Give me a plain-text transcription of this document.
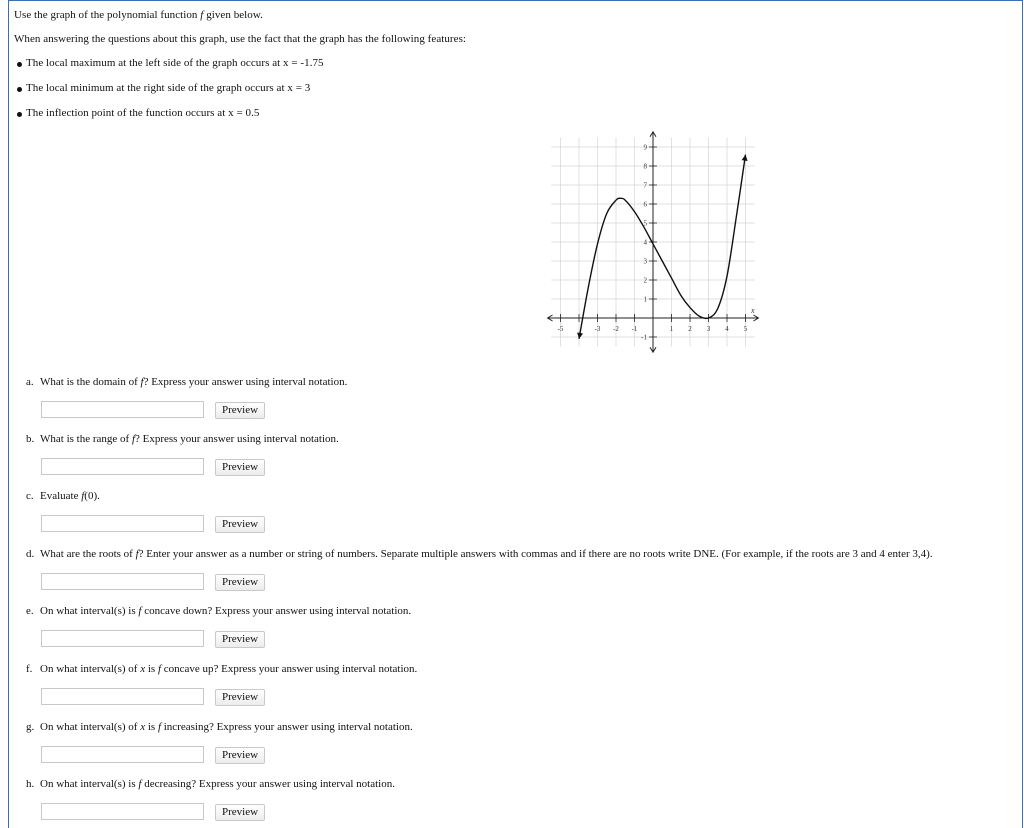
Use the graph of the polynomial function f given below.
When answering the questions about this graph, use the fact that the graph has the following features:
The local maximum at the left side of the graph occurs at x = -1.75
The local minimum at the right side of the graph occurs at x = 3
The inflection point of the function occurs at x = 0.5
-5	-3 -2 -1	1 2 3 4 5
9
8
7
6
5
4
3
2
1
-1
x
a. What is the domain of f? Express your answer using interval notation.
Preview
b. What is the range of f? Express your answer using interval notation.
Preview
c. Evaluate f(0).
Preview
d. What are the roots of f? Enter your answer as a number or string of numbers. Separate multiple answers with commas and if there are no roots write DNE. (For example, if the roots are 3 and 4 enter 3,4).
Preview
e. On what interval(s) is f concave down? Express your answer using interval notation.
Preview
f. On what interval(s) of x is f concave up? Express your answer using interval notation.
Preview
g. On what interval(s) of x is f increasing? Express your answer using interval notation.
Preview
h. On what interval(s) is f decreasing? Express your answer using interval notation.
Preview
